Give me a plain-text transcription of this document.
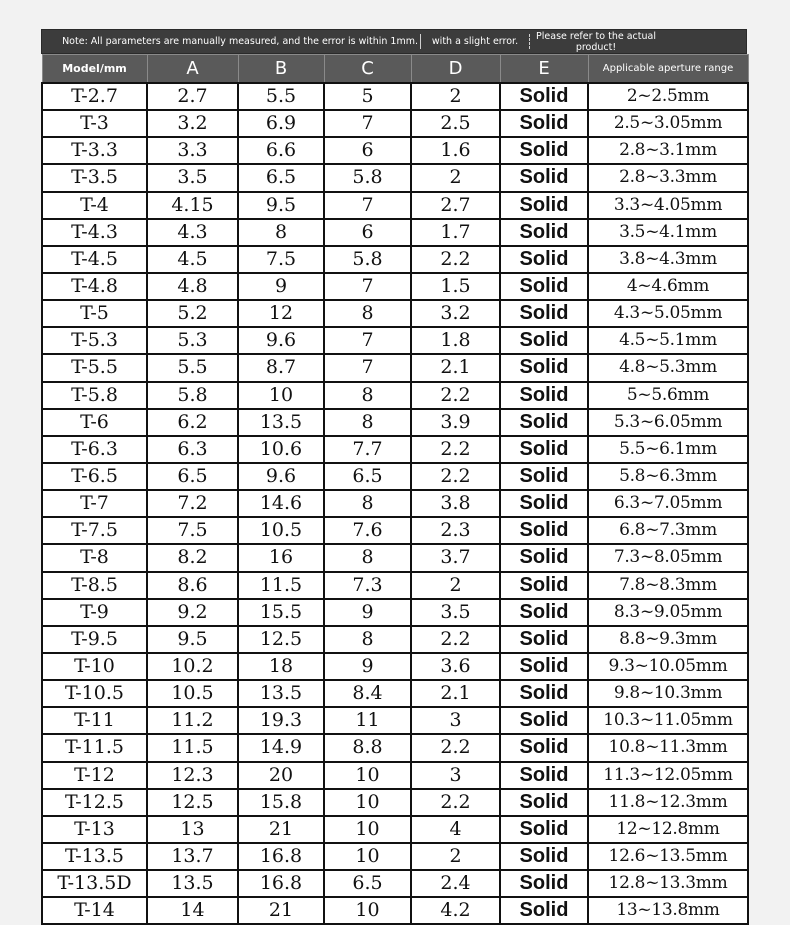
Note: All parameters are manually measured, and the error is within 1mm.	with a slight error.	Please refer to the actual product!
Model/mm	A	B	C	D	E	Applicable aperture range
T-2.7	2.7	5.5	5	2	Solid	2~2.5mm
T-3	3.2	6.9	7	2.5	Solid	2.5~3.05mm
T-3.3	3.3	6.6	6	1.6	Solid	2.8~3.1mm
T-3.5	3.5	6.5	5.8	2	Solid	2.8~3.3mm
T-4	4.15	9.5	7	2.7	Solid	3.3~4.05mm
T-4.3	4.3	8	6	1.7	Solid	3.5~4.1mm
T-4.5	4.5	7.5	5.8	2.2	Solid	3.8~4.3mm
T-4.8	4.8	9	7	1.5	Solid	4~4.6mm
T-5	5.2	12	8	3.2	Solid	4.3~5.05mm
T-5.3	5.3	9.6	7	1.8	Solid	4.5~5.1mm
T-5.5	5.5	8.7	7	2.1	Solid	4.8~5.3mm
T-5.8	5.8	10	8	2.2	Solid	5~5.6mm
T-6	6.2	13.5	8	3.9	Solid	5.3~6.05mm
T-6.3	6.3	10.6	7.7	2.2	Solid	5.5~6.1mm
T-6.5	6.5	9.6	6.5	2.2	Solid	5.8~6.3mm
T-7	7.2	14.6	8	3.8	Solid	6.3~7.05mm
T-7.5	7.5	10.5	7.6	2.3	Solid	6.8~7.3mm
T-8	8.2	16	8	3.7	Solid	7.3~8.05mm
T-8.5	8.6	11.5	7.3	2	Solid	7.8~8.3mm
T-9	9.2	15.5	9	3.5	Solid	8.3~9.05mm
T-9.5	9.5	12.5	8	2.2	Solid	8.8~9.3mm
T-10	10.2	18	9	3.6	Solid	9.3~10.05mm
T-10.5	10.5	13.5	8.4	2.1	Solid	9.8~10.3mm
T-11	11.2	19.3	11	3	Solid	10.3~11.05mm
T-11.5	11.5	14.9	8.8	2.2	Solid	10.8~11.3mm
T-12	12.3	20	10	3	Solid	11.3~12.05mm
T-12.5	12.5	15.8	10	2.2	Solid	11.8~12.3mm
T-13	13	21	10	4	Solid	12~12.8mm
T-13.5	13.7	16.8	10	2	Solid	12.6~13.5mm
T-13.5D	13.5	16.8	6.5	2.4	Solid	12.8~13.3mm
T-14	14	21	10	4.2	Solid	13~13.8mm
